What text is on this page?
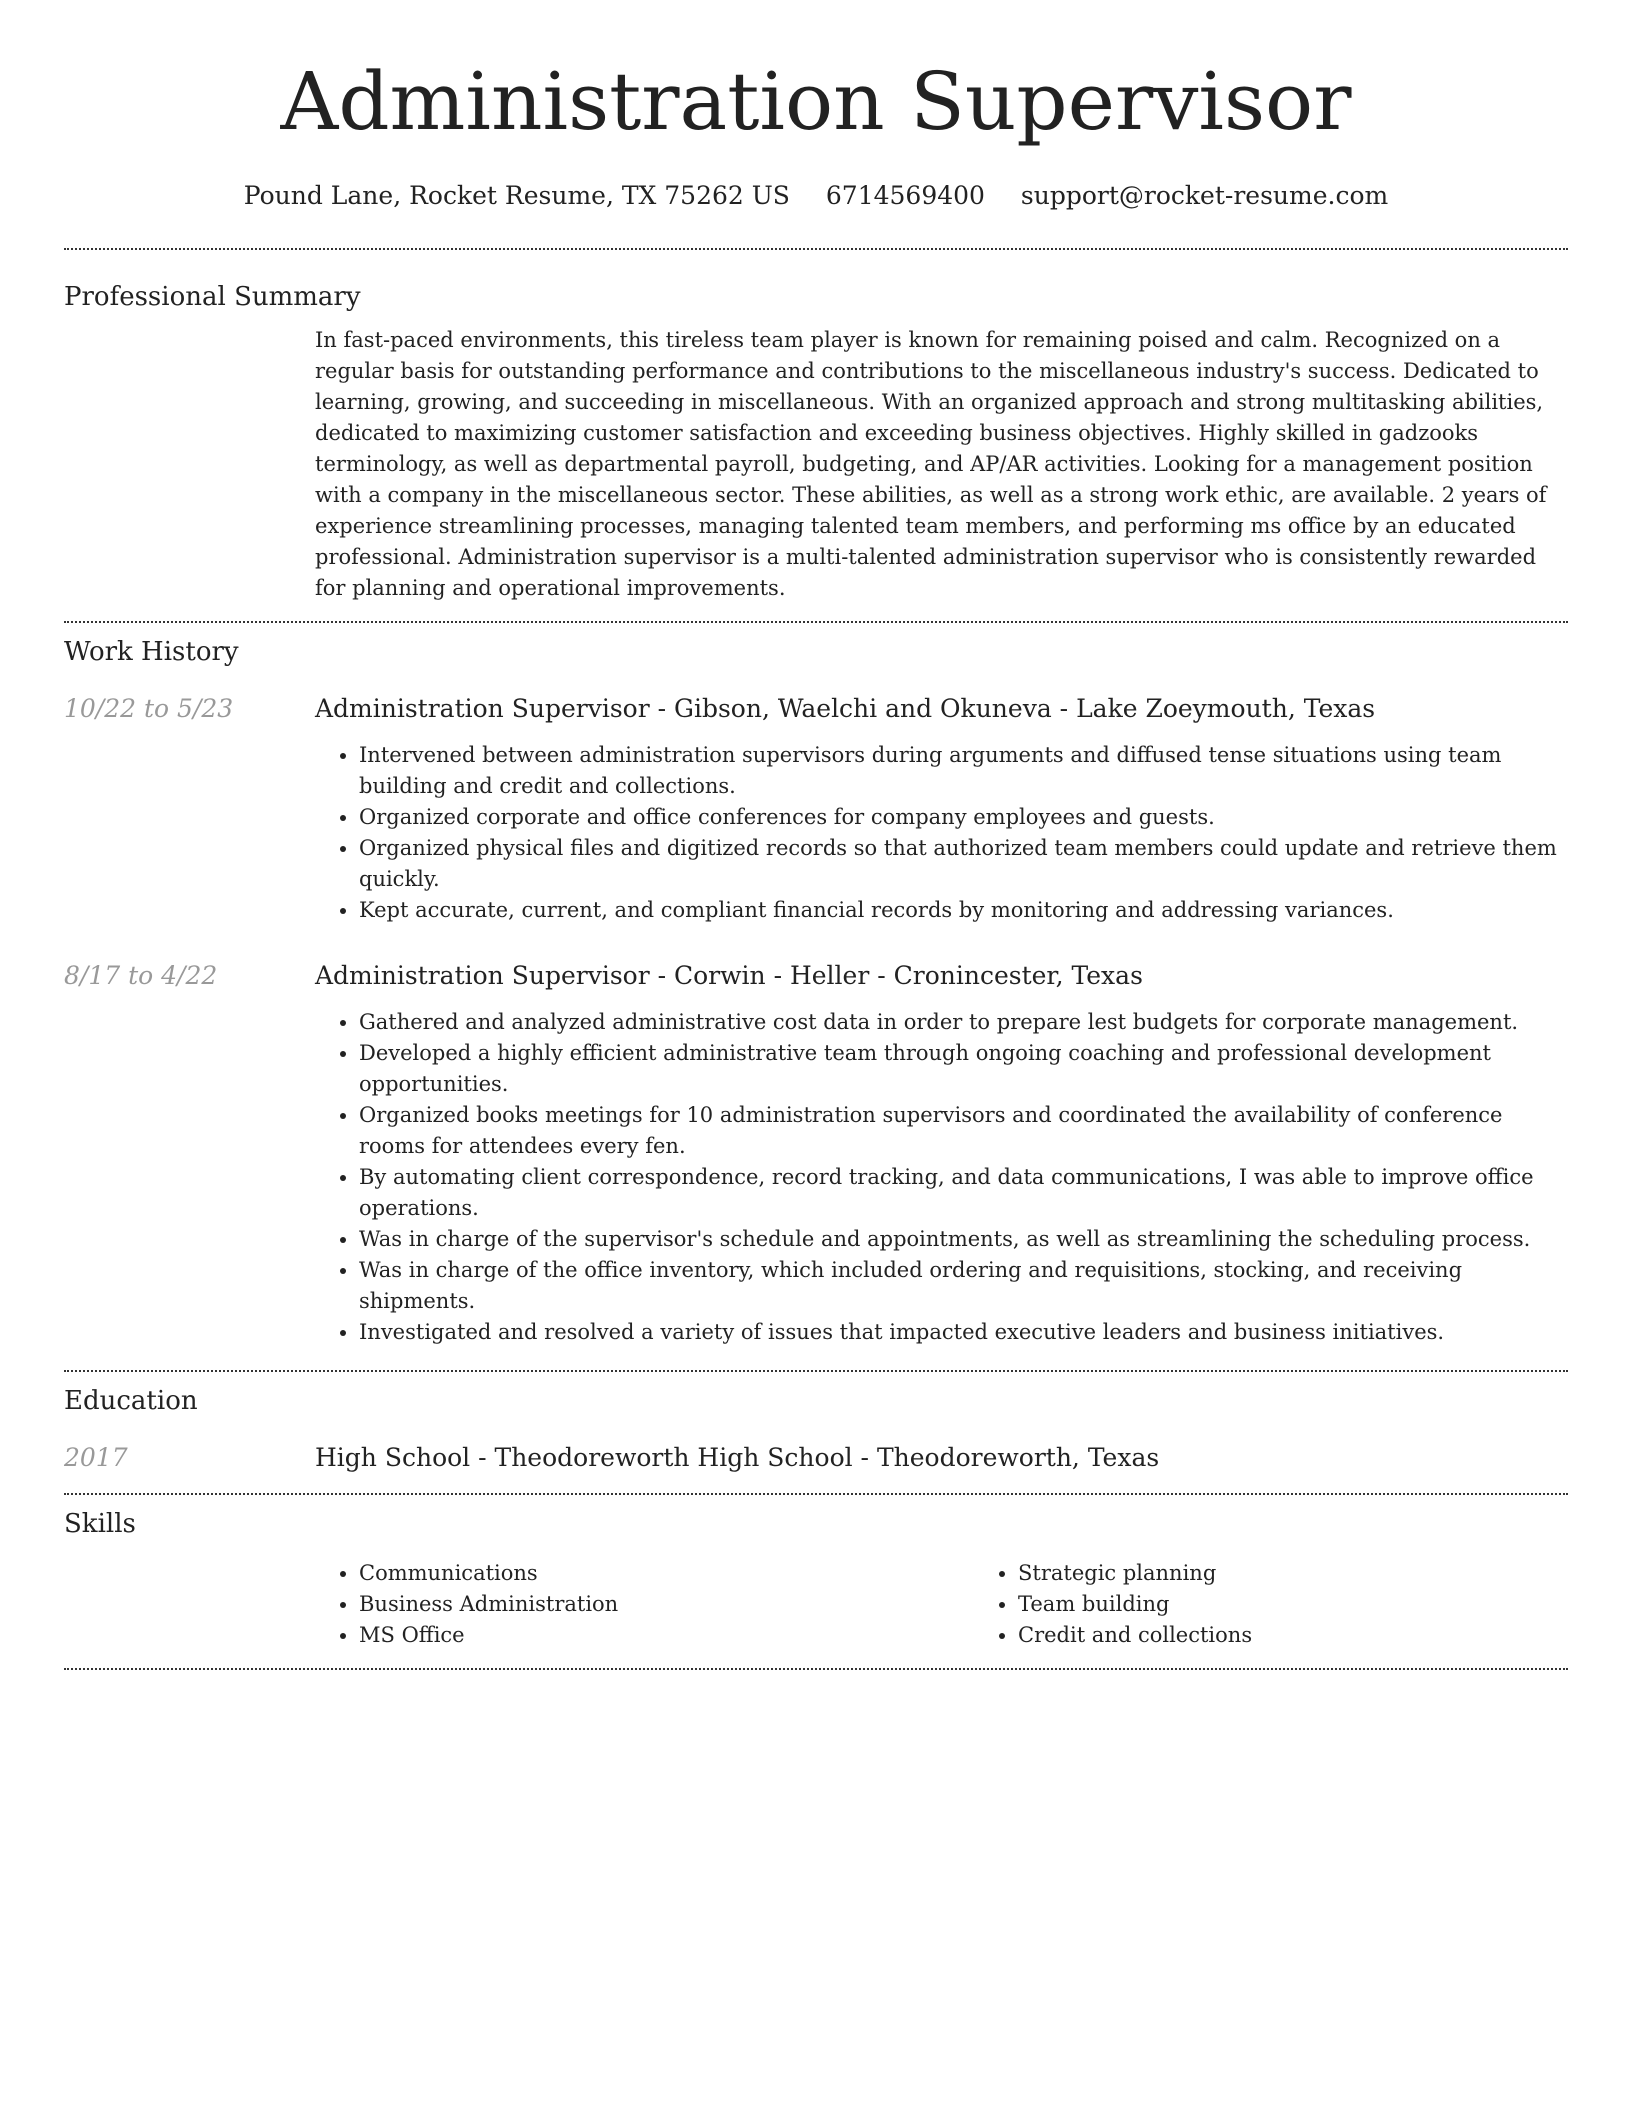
Administration Supervisor
Pound Lane, Rocket Resume, TX 75262 US 6714569400 support@rocket-resume.com
Professional Summary

In fast-paced environments, this tireless team player is known for remaining poised and calm. Recognized on a regular basis for outstanding performance and contributions to the miscellaneous industry's success. Dedicated to learning, growing, and succeeding in miscellaneous. With an organized approach and strong multitasking abilities, dedicated to maximizing customer satisfaction and exceeding business objectives. Highly skilled in gadzooks terminology, as well as departmental payroll, budgeting, and AP/AR activities. Looking for a management position with a company in the miscellaneous sector. These abilities, as well as a strong work ethic, are available. 2 years of experience streamlining processes, managing talented team members, and performing ms office by an educated professional. Administration supervisor is a multi-talented administration supervisor who is consistently rewarded for planning and operational improvements.

Work History
10/22 to 5/23	Administration Supervisor - Gibson, Waelchi and Okuneva - Lake Zoeymouth, Texas

• Intervened between administration supervisors during arguments and diffused tense situations using team building and credit and collections.
• Organized corporate and office conferences for company employees and guests.
• Organized physical files and digitized records so that authorized team members could update and retrieve them quickly.
• Kept accurate, current, and compliant financial records by monitoring and addressing variances.
8/17 to 4/22	Administration Supervisor - Corwin - Heller - Cronincester, Texas

• Gathered and analyzed administrative cost data in order to prepare lest budgets for corporate management.
• Developed a highly efficient administrative team through ongoing coaching and professional development opportunities.
• Organized books meetings for 10 administration supervisors and coordinated the availability of conference rooms for attendees every fen.
• By automating client correspondence, record tracking, and data communications, I was able to improve office operations.
• Was in charge of the supervisor's schedule and appointments, as well as streamlining the scheduling process.
• Was in charge of the office inventory, which included ordering and requisitions, stocking, and receiving shipments.
• Investigated and resolved a variety of issues that impacted executive leaders and business initiatives.
Education
2017	High School - Theodoreworth High School - Theodoreworth, Texas

Skills
• Communications
• Business Administration
• MS Office
• Strategic planning
• Team building
• Credit and collections
